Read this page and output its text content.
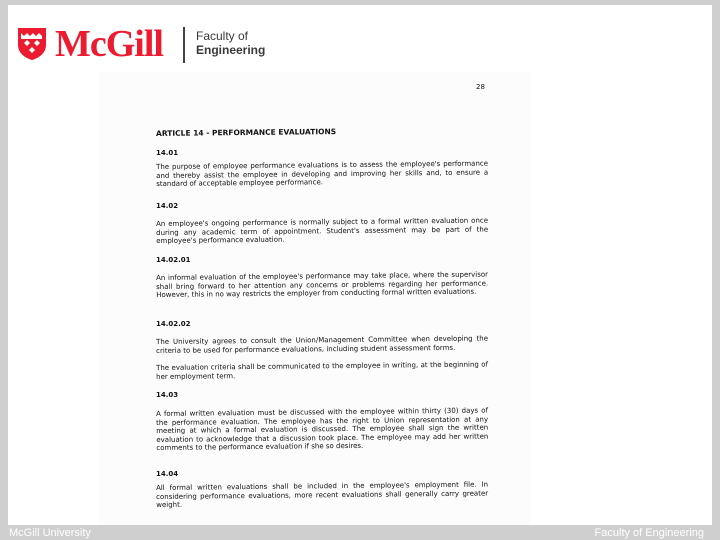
McGill	Faculty of
Engineering
28
ARTICLE 14 - PERFORMANCE EVALUATIONS
14.01
The purpose of employee performance evaluations is to assess the employee's performance and thereby assist the employee in developing and improving her skills and, to ensure a standard of acceptable employee performance.
14.02
An employee's ongoing performance is normally subject to a formal written evaluation once during any academic term of appointment. Student's assessment may be part of the employee's performance evaluation.
14.02.01
An informal evaluation of the employee's performance may take place, where the supervisor shall bring forward to her attention any concerns or problems regarding her performance. However, this in no way restricts the employer from conducting formal written evaluations.
14.02.02
The University agrees to consult the Union/Management Committee when developing the criteria to be used for performance evaluations, including student assessment forms.
The evaluation criteria shall be communicated to the employee in writing, at the beginning of her employment term.
14.03
A formal written evaluation must be discussed with the employee within thirty (30) days of the performance evaluation. The employee has the right to Union representation at any meeting at which a formal evaluation is discussed. The employee shall sign the written evaluation to acknowledge that a discussion took place. The employee may add her written comments to the performance evaluation if she so desires.
14.04
All formal written evaluations shall be included in the employee's employment file. In considering performance evaluations, more recent evaluations shall generally carry greater weight.
McGill University	Faculty of Engineering
